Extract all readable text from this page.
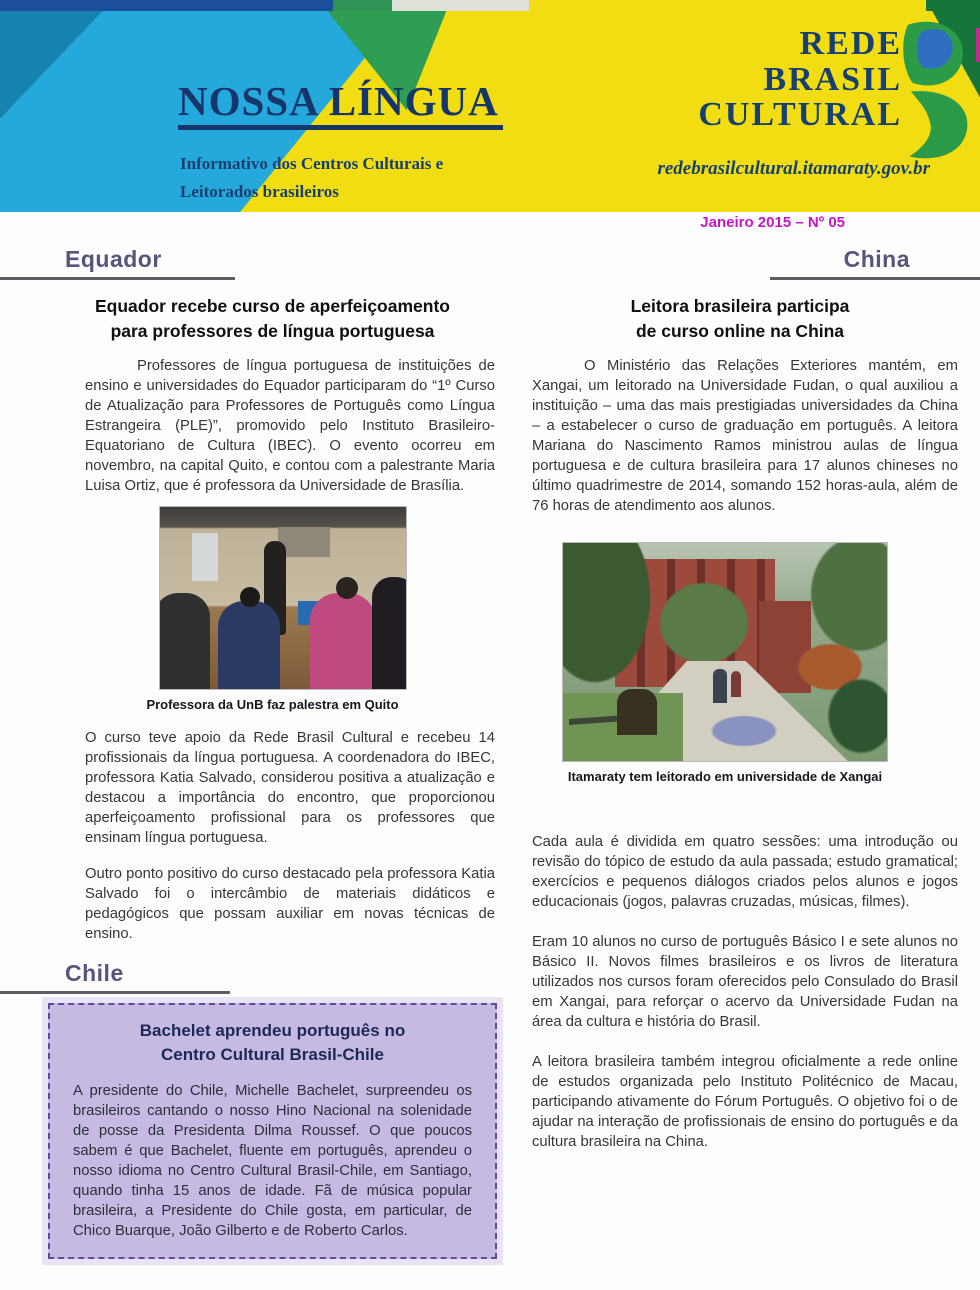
NOSSA LÍNGUA
Informativo dos Centros Culturais e
Leitorados brasileiros
REDE
BRASIL
CULTURAL
redebrasilcultural.itamaraty.gov.br
Janeiro 2015 – Nº 05
Equador
Equador recebe curso de aperfeiçoamento
para professores de língua portuguesa

Professores de língua portuguesa de instituições de ensino e universidades do Equador participaram do “1º Curso de Atualização para Professores de Português como Língua Estrangeira (PLE)”, promovido pelo Instituto Brasileiro-Equatoriano de Cultura (IBEC). O evento ocorreu em novembro, na capital Quito, e contou com a palestrante Maria Luisa Ortiz, que é professora da Universidade de Brasília.

Professora da UnB faz palestra em Quito

O curso teve apoio da Rede Brasil Cultural e recebeu 14 profissionais da língua portuguesa. A coordenadora do IBEC, professora Katia Salvado, considerou positiva a atualização e destacou a importância do encontro, que proporcionou aperfeiçoamento profissional para os professores que ensinam língua portuguesa.

Outro ponto positivo do curso destacado pela professora Katia Salvado foi o intercâmbio de materiais didáticos e pedagógicos que possam auxiliar em novas técnicas de ensino.

Chile
Bachelet aprendeu português no
Centro Cultural Brasil-Chile

A presidente do Chile, Michelle Bachelet, surpreendeu os brasileiros cantando o nosso Hino Nacional na solenidade de posse da Presidenta Dilma Roussef. O que poucos sabem é que Bachelet, fluente em português, aprendeu o nosso idioma no Centro Cultural Brasil-Chile, em Santiago, quando tinha 15 anos de idade. Fã de música popular brasileira, a Presidente do Chile gosta, em particular, de Chico Buarque, João Gilberto e de Roberto Carlos.

China
Leitora brasileira participa
de curso online na China

O Ministério das Relações Exteriores mantém, em Xangai, um leitorado na Universidade Fudan, o qual auxiliou a instituição – uma das mais prestigiadas universidades da China – a estabelecer o curso de graduação em português. A leitora Mariana do Nascimento Ramos ministrou aulas de língua portuguesa e de cultura brasileira para 17 alunos chineses no último quadrimestre de 2014, somando 152 horas-aula, além de 76 horas de atendimento aos alunos.

Itamaraty tem leitorado em universidade de Xangai

Cada aula é dividida em quatro sessões: uma introdução ou revisão do tópico de estudo da aula passada; estudo gramatical; exercícios e pequenos diálogos criados pelos alunos e jogos educacionais (jogos, palavras cruzadas, músicas, filmes).

Eram 10 alunos no curso de português Básico I e sete alunos no Básico II. Novos filmes brasileiros e os livros de literatura utilizados nos cursos foram oferecidos pelo Consulado do Brasil em Xangai, para reforçar o acervo da Universidade Fudan na área da cultura e história do Brasil.

A leitora brasileira também integrou oficialmente a rede online de estudos organizada pelo Instituto Politécnico de Macau, participando ativamente do Fórum Português. O objetivo foi o de ajudar na interação de profissionais de ensino do português e da cultura brasileira na China.
